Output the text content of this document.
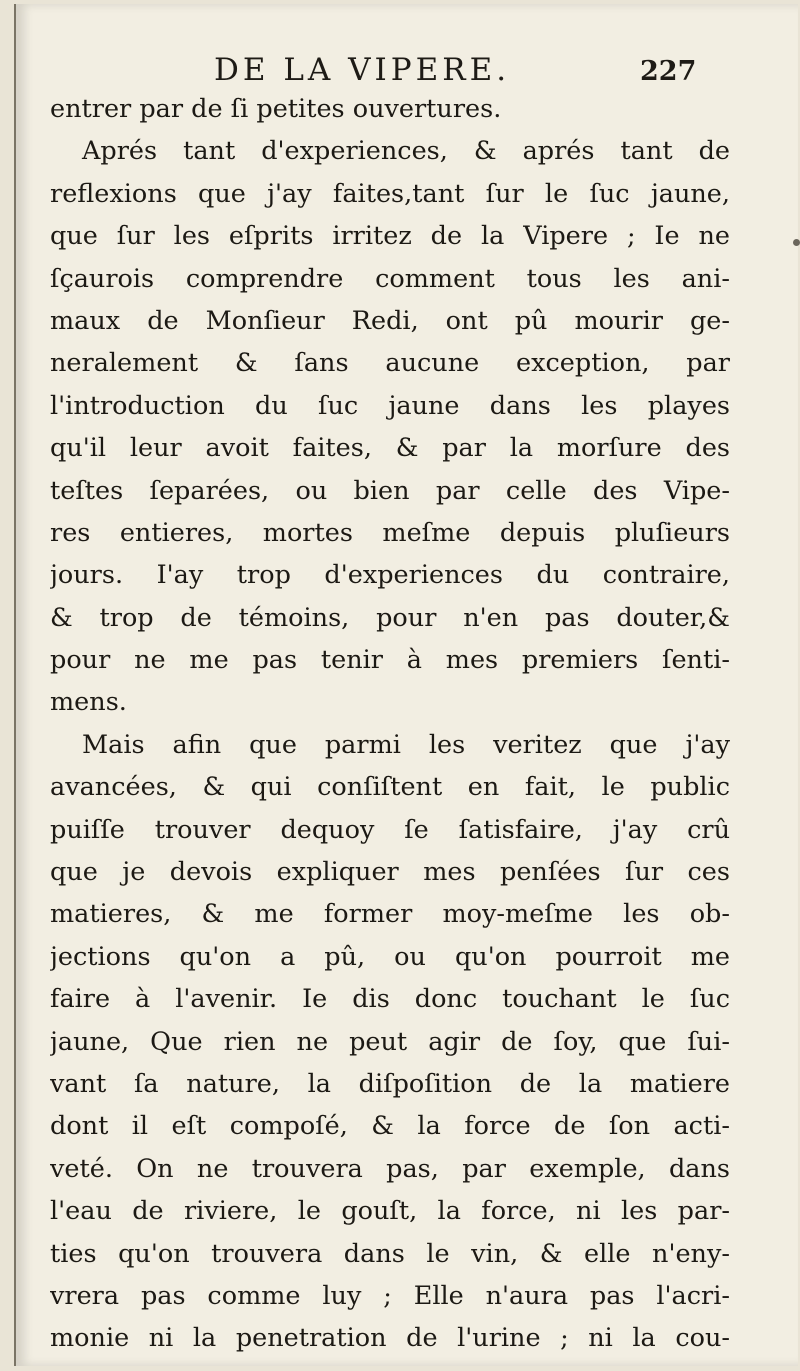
DE LA VIPERE.	227
entrer par de ſi petites ouvertures.
Aprés tant d'experiences, & aprés tant de
reflexions que j'ay faites,tant ſur le ſuc jaune,
que ſur les eſprits irritez de la Vipere ; Ie ne
ſçaurois comprendre comment tous les ani-
maux de Monſieur Redi, ont pû mourir ge-
neralement & ſans aucune exception, par
l'introduction du ſuc jaune dans les playes
qu'il leur avoit faites, & par la morſure des
teſtes ſeparées, ou bien par celle des Vipe-
res entieres, mortes meſme depuis pluſieurs
jours. I'ay trop d'experiences du contraire,
& trop de témoins, pour n'en pas douter,&
pour ne me pas tenir à mes premiers ſenti-
mens.
Mais afin que parmi les veritez que j'ay
avancées, & qui conſiſtent en fait, le public
puiſſe trouver dequoy ſe ſatisfaire, j'ay crû
que je devois expliquer mes penſées ſur ces
matieres, & me former moy-meſme les ob-
jections qu'on a pû, ou qu'on pourroit me
faire à l'avenir. Ie dis donc touchant le ſuc
jaune, Que rien ne peut agir de ſoy, que ſui-
vant ſa nature, la diſpoſition de la matiere
dont il eſt compoſé, & la force de ſon acti-
veté. On ne trouvera pas, par exemple, dans
l'eau de riviere, le gouſt, la force, ni les par-
ties qu'on trouvera dans le vin, & elle n'eny-
vrera pas comme luy ; Elle n'aura pas l'acri-
monie ni la penetration de l'urine ; ni la cou-
